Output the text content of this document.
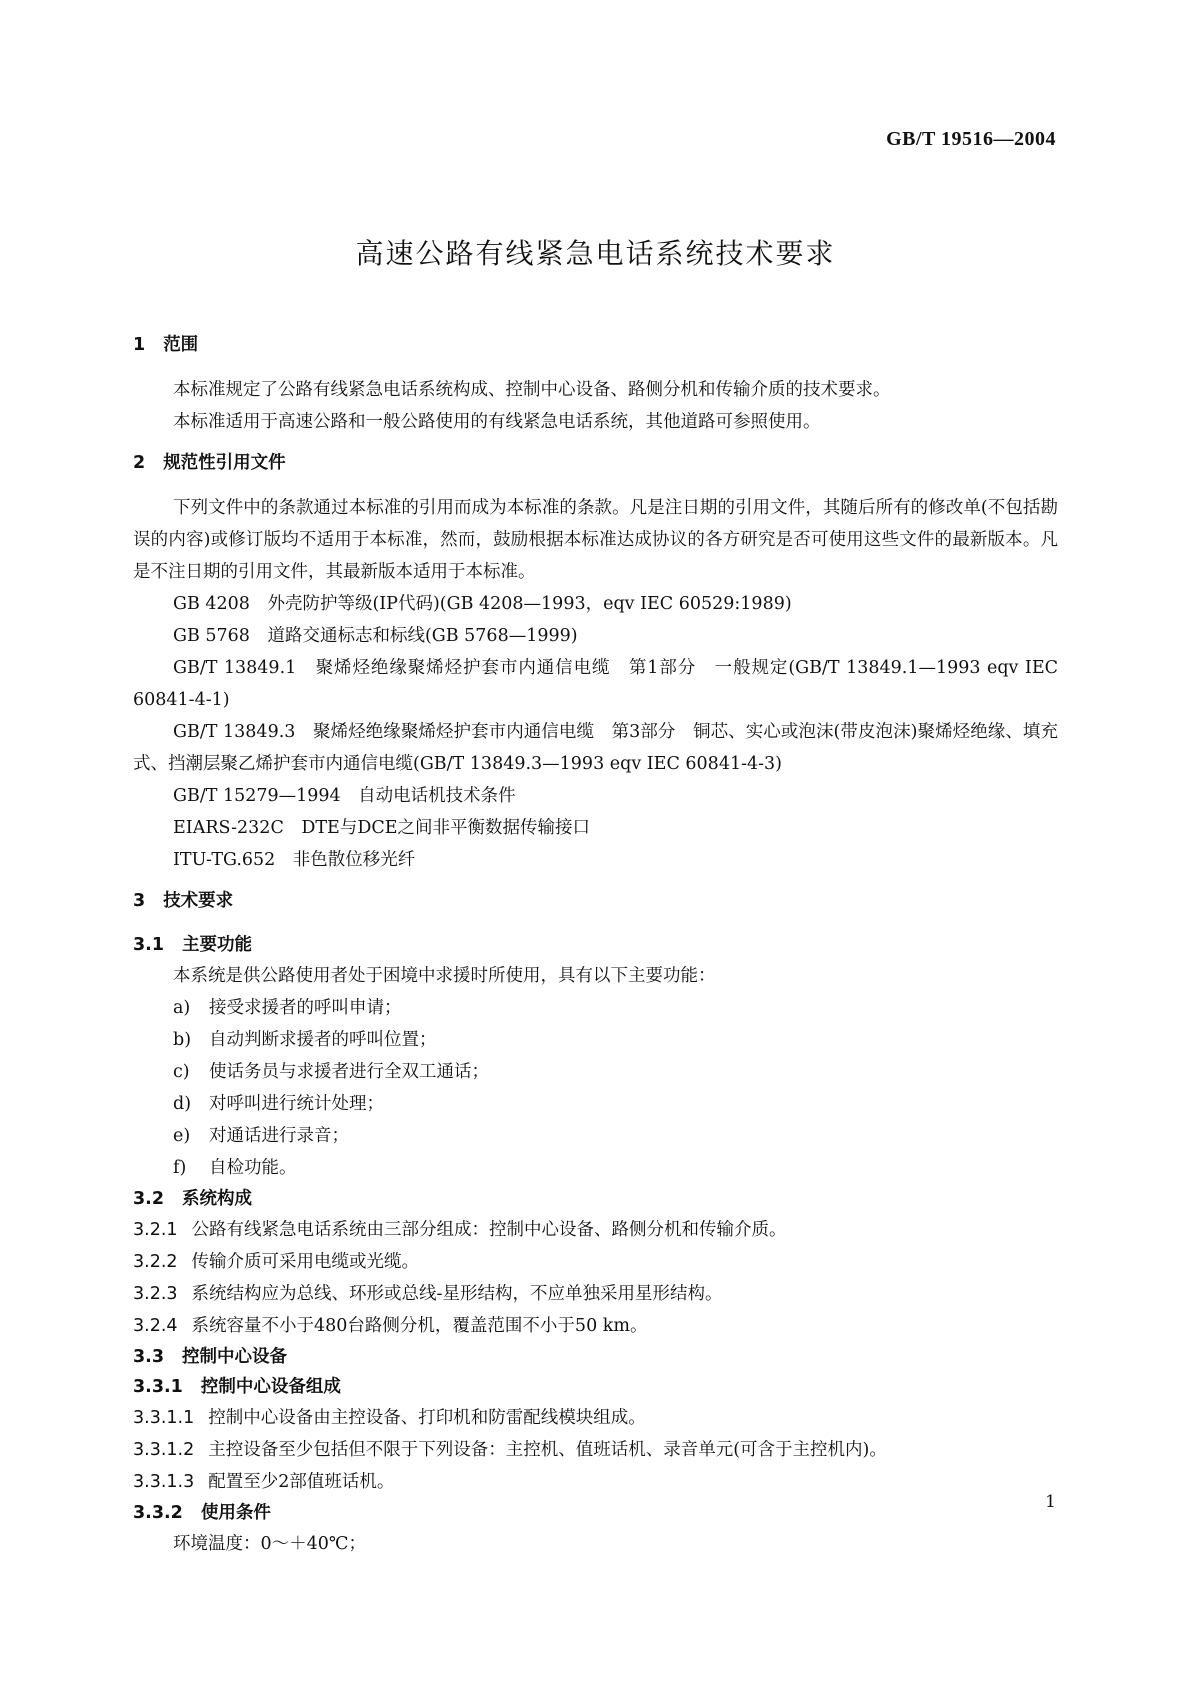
GB/T 19516—2004
高速公路有线紧急电话系统技术要求
1 范围
本标准规定了公路有线紧急电话系统构成、控制中心设备、路侧分机和传输介质的技术要求。
本标准适用于高速公路和一般公路使用的有线紧急电话系统，其他道路可参照使用。
2 规范性引用文件
下列文件中的条款通过本标准的引用而成为本标准的条款。凡是注日期的引用文件，其随后所有的修改单(不包括勘误的内容)或修订版均不适用于本标准，然而，鼓励根据本标准达成协议的各方研究是否可使用这些文件的最新版本。凡是不注日期的引用文件，其最新版本适用于本标准。
GB 4208　外壳防护等级(IP代码)(GB 4208—1993，eqv IEC 60529:1989)
GB 5768　道路交通标志和标线(GB 5768—1999)
GB/T 13849.1　聚烯烃绝缘聚烯烃护套市内通信电缆　第1部分　一般规定(GB/T 13849.1—1993 eqv IEC 60841-4-1)
GB/T 13849.3　聚烯烃绝缘聚烯烃护套市内通信电缆　第3部分　铜芯、实心或泡沫(带皮泡沫)聚烯烃绝缘、填充式、挡潮层聚乙烯护套市内通信电缆(GB/T 13849.3—1993 eqv IEC 60841-4-3)
GB/T 15279—1994　自动电话机技术条件
EIARS-232C　DTE与DCE之间非平衡数据传输接口
ITU-TG.652　非色散位移光纤
3 技术要求
3.1 主要功能
本系统是供公路使用者处于困境中求援时所使用，具有以下主要功能：
a) 接受求援者的呼叫申请；
b) 自动判断求援者的呼叫位置；
c) 使话务员与求援者进行全双工通话；
d) 对呼叫进行统计处理；
e) 对通话进行录音；
f) 自检功能。
3.2 系统构成
3.2.1 公路有线紧急电话系统由三部分组成：控制中心设备、路侧分机和传输介质。
3.2.2 传输介质可采用电缆或光缆。
3.2.3 系统结构应为总线、环形或总线-星形结构，不应单独采用星形结构。
3.2.4 系统容量不小于480台路侧分机，覆盖范围不小于50 km。
3.3 控制中心设备
3.3.1 控制中心设备组成
3.3.1.1 控制中心设备由主控设备、打印机和防雷配线模块组成。
3.3.1.2 主控设备至少包括但不限于下列设备：主控机、值班话机、录音单元(可含于主控机内)。
3.3.1.3 配置至少2部值班话机。
3.3.2 使用条件
环境温度：0～＋40℃；
1
